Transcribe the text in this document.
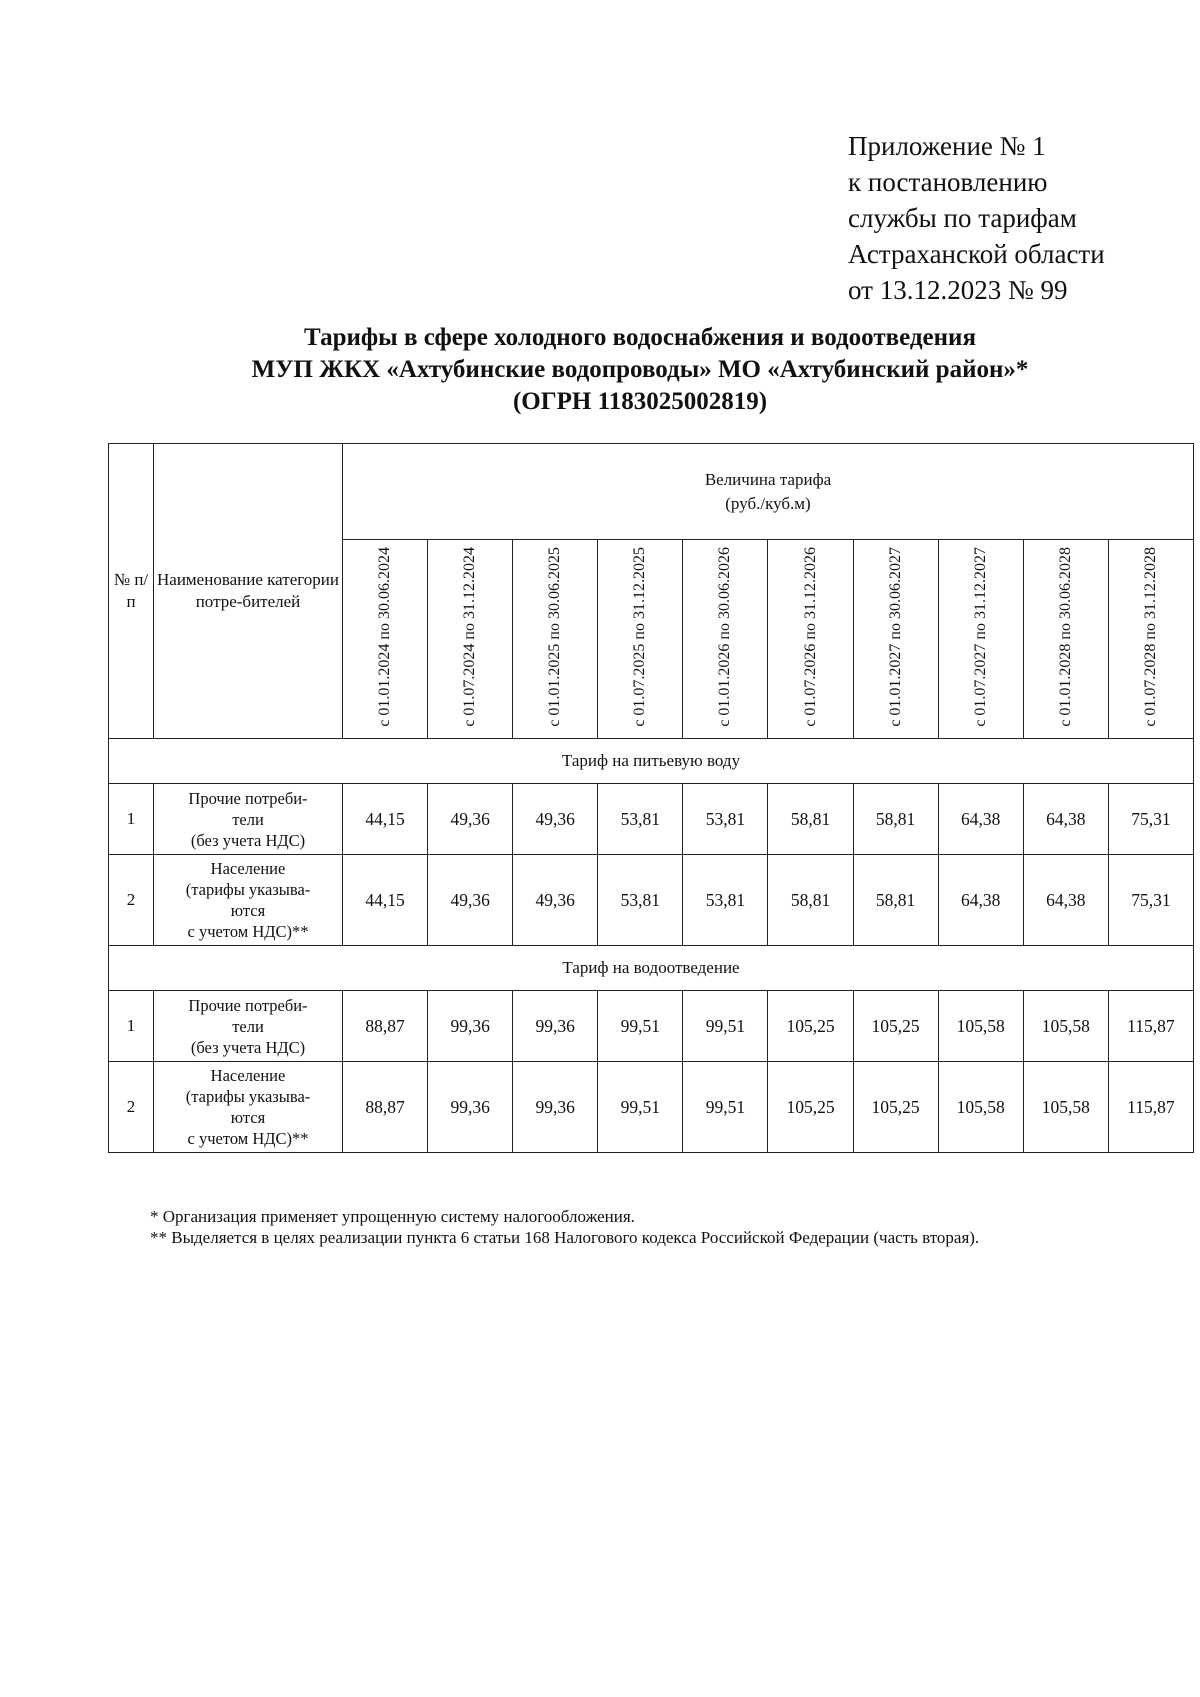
Приложение № 1
к постановлению
службы по тарифам
Астраханской области
от 13.12.2023 № 99
Тарифы в сфере холодного водоснабжения и водоотведения
МУП ЖКХ «Ахтубинские водопроводы» МО «Ахтубинский район»*
(ОГРН 1183025002819)
№ п/ п	Наименование категории потре-бителей	Величина тарифа
(руб./куб.м)									

		с 01.01.2024 по 30.06.2024	с 01.07.2024 по 31.12.2024	с 01.01.2025 по 30.06.2025	с 01.07.2025 по 31.12.2025	с 01.01.2026 по 30.06.2026	с 01.07.2026 по 31.12.2026	с 01.01.2027 по 30.06.2027	с 01.07.2027 по 31.12.2027	с 01.01.2028 по 30.06.2028	с 01.07.2028 по 31.12.2028
Тариф на питьевую воду											
1	Прочие потреби-
тели
(без учета НДС)	44,15	49,36	49,36	53,81	53,81	58,81	58,81	64,38	64,38	75,31
2	Население
(тарифы указыва-
ются
с учетом НДС)**	44,15	49,36	49,36	53,81	53,81	58,81	58,81	64,38	64,38	75,31
Тариф на водоотведение											
1	Прочие потреби-
тели
(без учета НДС)	88,87	99,36	99,36	99,51	99,51	105,25	105,25	105,58	105,58	115,87
2	Население
(тарифы указыва-
ются
с учетом НДС)**	88,87	99,36	99,36	99,51	99,51	105,25	105,25	105,58	105,58	115,87
* Организация применяет упрощенную систему налогообложения.
** Выделяется в целях реализации пункта 6 статьи 168 Налогового кодекса Российской Федерации (часть вторая).
